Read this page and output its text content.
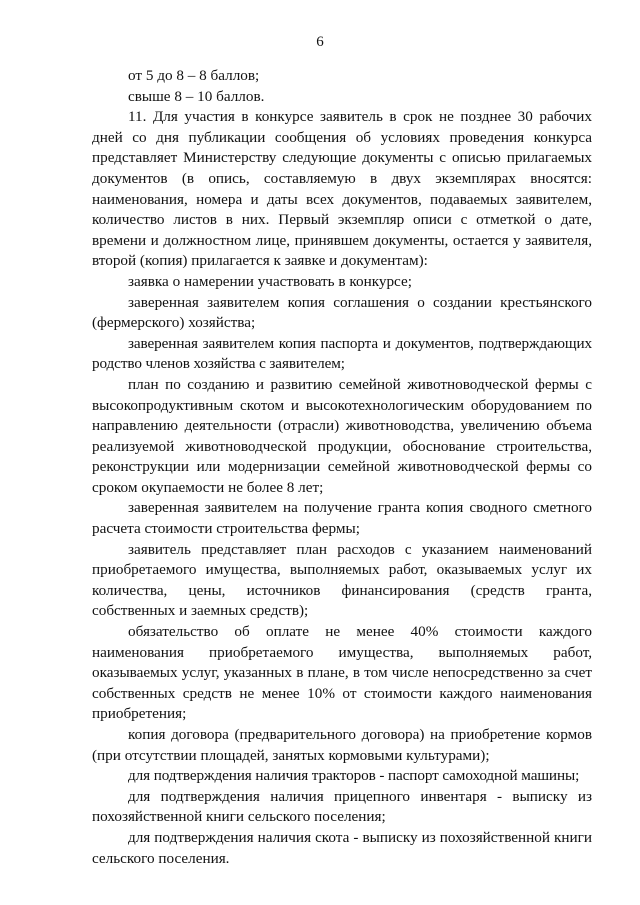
6

от 5 до 8 – 8 баллов;

свыше 8 – 10 баллов.

11. Для участия в конкурсе заявитель в срок не позднее 30 рабочих дней со дня публикации сообщения об условиях проведения конкурса представляет Министерству следующие документы с описью прилагаемых документов (в опись, составляемую в двух экземплярах вносятся: наименования, номера и даты всех документов, подаваемых заявителем, количество листов в них. Первый экземпляр описи с отметкой о дате, времени и должностном лице, принявшем документы, остается у заявителя, второй (копия) прилагается к заявке и документам):

заявка о намерении участвовать в конкурсе;

заверенная заявителем копия соглашения о создании крестьянского (фермерского) хозяйства;

заверенная заявителем копия паспорта и документов, подтверждающих родство членов хозяйства с заявителем;

план по созданию и развитию семейной животноводческой фермы с высокопродуктивным скотом и высокотехнологическим оборудованием по направлению деятельности (отрасли) животноводства, увеличению объема реализуемой животноводческой продукции, обоснование строительства, реконструкции или модернизации семейной животноводческой фермы со сроком окупаемости не более 8 лет;

заверенная заявителем на получение гранта копия сводного сметного расчета стоимости строительства фермы;

заявитель представляет план расходов с указанием наименований приобретаемого имущества, выполняемых работ, оказываемых услуг их количества, цены, источников финансирования (средств гранта, собственных и заемных средств);

обязательство об оплате не менее 40% стоимости каждого наименования приобретаемого имущества, выполняемых работ, оказываемых услуг, указанных в плане, в том числе непосредственно за счет собственных средств не менее 10% от стоимости каждого наименования приобретения;

копия договора (предварительного договора) на приобретение кормов (при отсутствии площадей, занятых кормовыми культурами);

для подтверждения наличия тракторов - паспорт самоходной машины;

для подтверждения наличия прицепного инвентаря - выписку из похозяйственной книги сельского поселения;

для подтверждения наличия скота - выписку из похозяйственной книги сельского поселения.
